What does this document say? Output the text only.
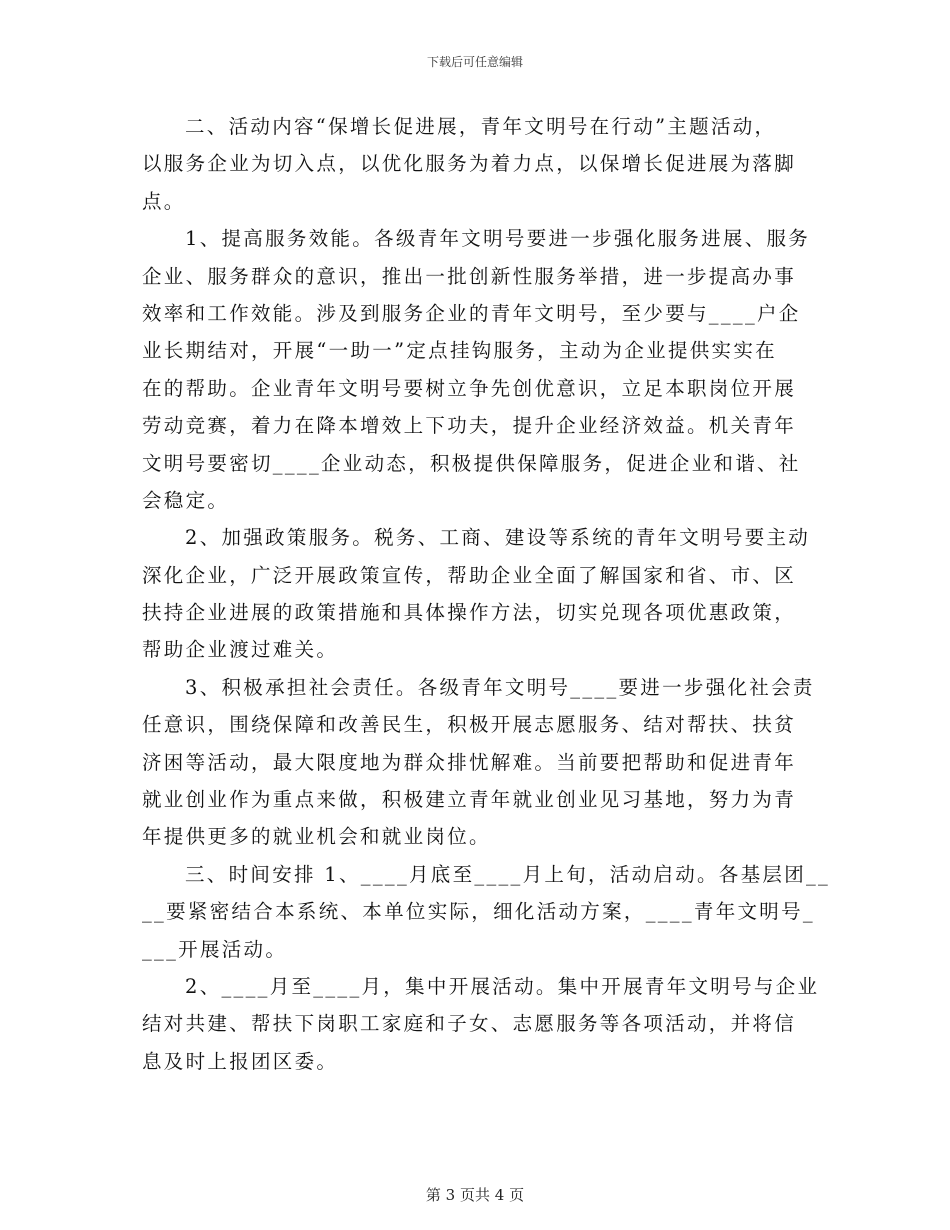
下载后可任意编辑
二、活动内容“保增长促进展，青年文明号在行动”主题活动，
以服务企业为切入点，以优化服务为着力点，以保增长促进展为落脚
点。
1、提高服务效能。各级青年文明号要进一步强化服务进展、服务
企业、服务群众的意识，推出一批创新性服务举措，进一步提高办事
效率和工作效能。涉及到服务企业的青年文明号，至少要与____户企
业长期结对，开展“一助一”定点挂钩服务，主动为企业提供实实在
在的帮助。企业青年文明号要树立争先创优意识，立足本职岗位开展
劳动竞赛，着力在降本增效上下功夫，提升企业经济效益。机关青年
文明号要密切____企业动态，积极提供保障服务，促进企业和谐、社
会稳定。
2、加强政策服务。税务、工商、建设等系统的青年文明号要主动
深化企业，广泛开展政策宣传，帮助企业全面了解国家和省、市、区
扶持企业进展的政策措施和具体操作方法，切实兑现各项优惠政策，
帮助企业渡过难关。
3、积极承担社会责任。各级青年文明号____要进一步强化社会责
任意识，围绕保障和改善民生，积极开展志愿服务、结对帮扶、扶贫
济困等活动，最大限度地为群众排忧解难。当前要把帮助和促进青年
就业创业作为重点来做，积极建立青年就业创业见习基地，努力为青
年提供更多的就业机会和就业岗位。
三、时间安排 1、____月底至____月上旬，活动启动。各基层团__
__要紧密结合本系统、本单位实际，细化活动方案，____青年文明号_
___开展活动。
2、____月至____月，集中开展活动。集中开展青年文明号与企业
结对共建、帮扶下岗职工家庭和子女、志愿服务等各项活动，并将信
息及时上报团区委。
第 3 页共 4 页
